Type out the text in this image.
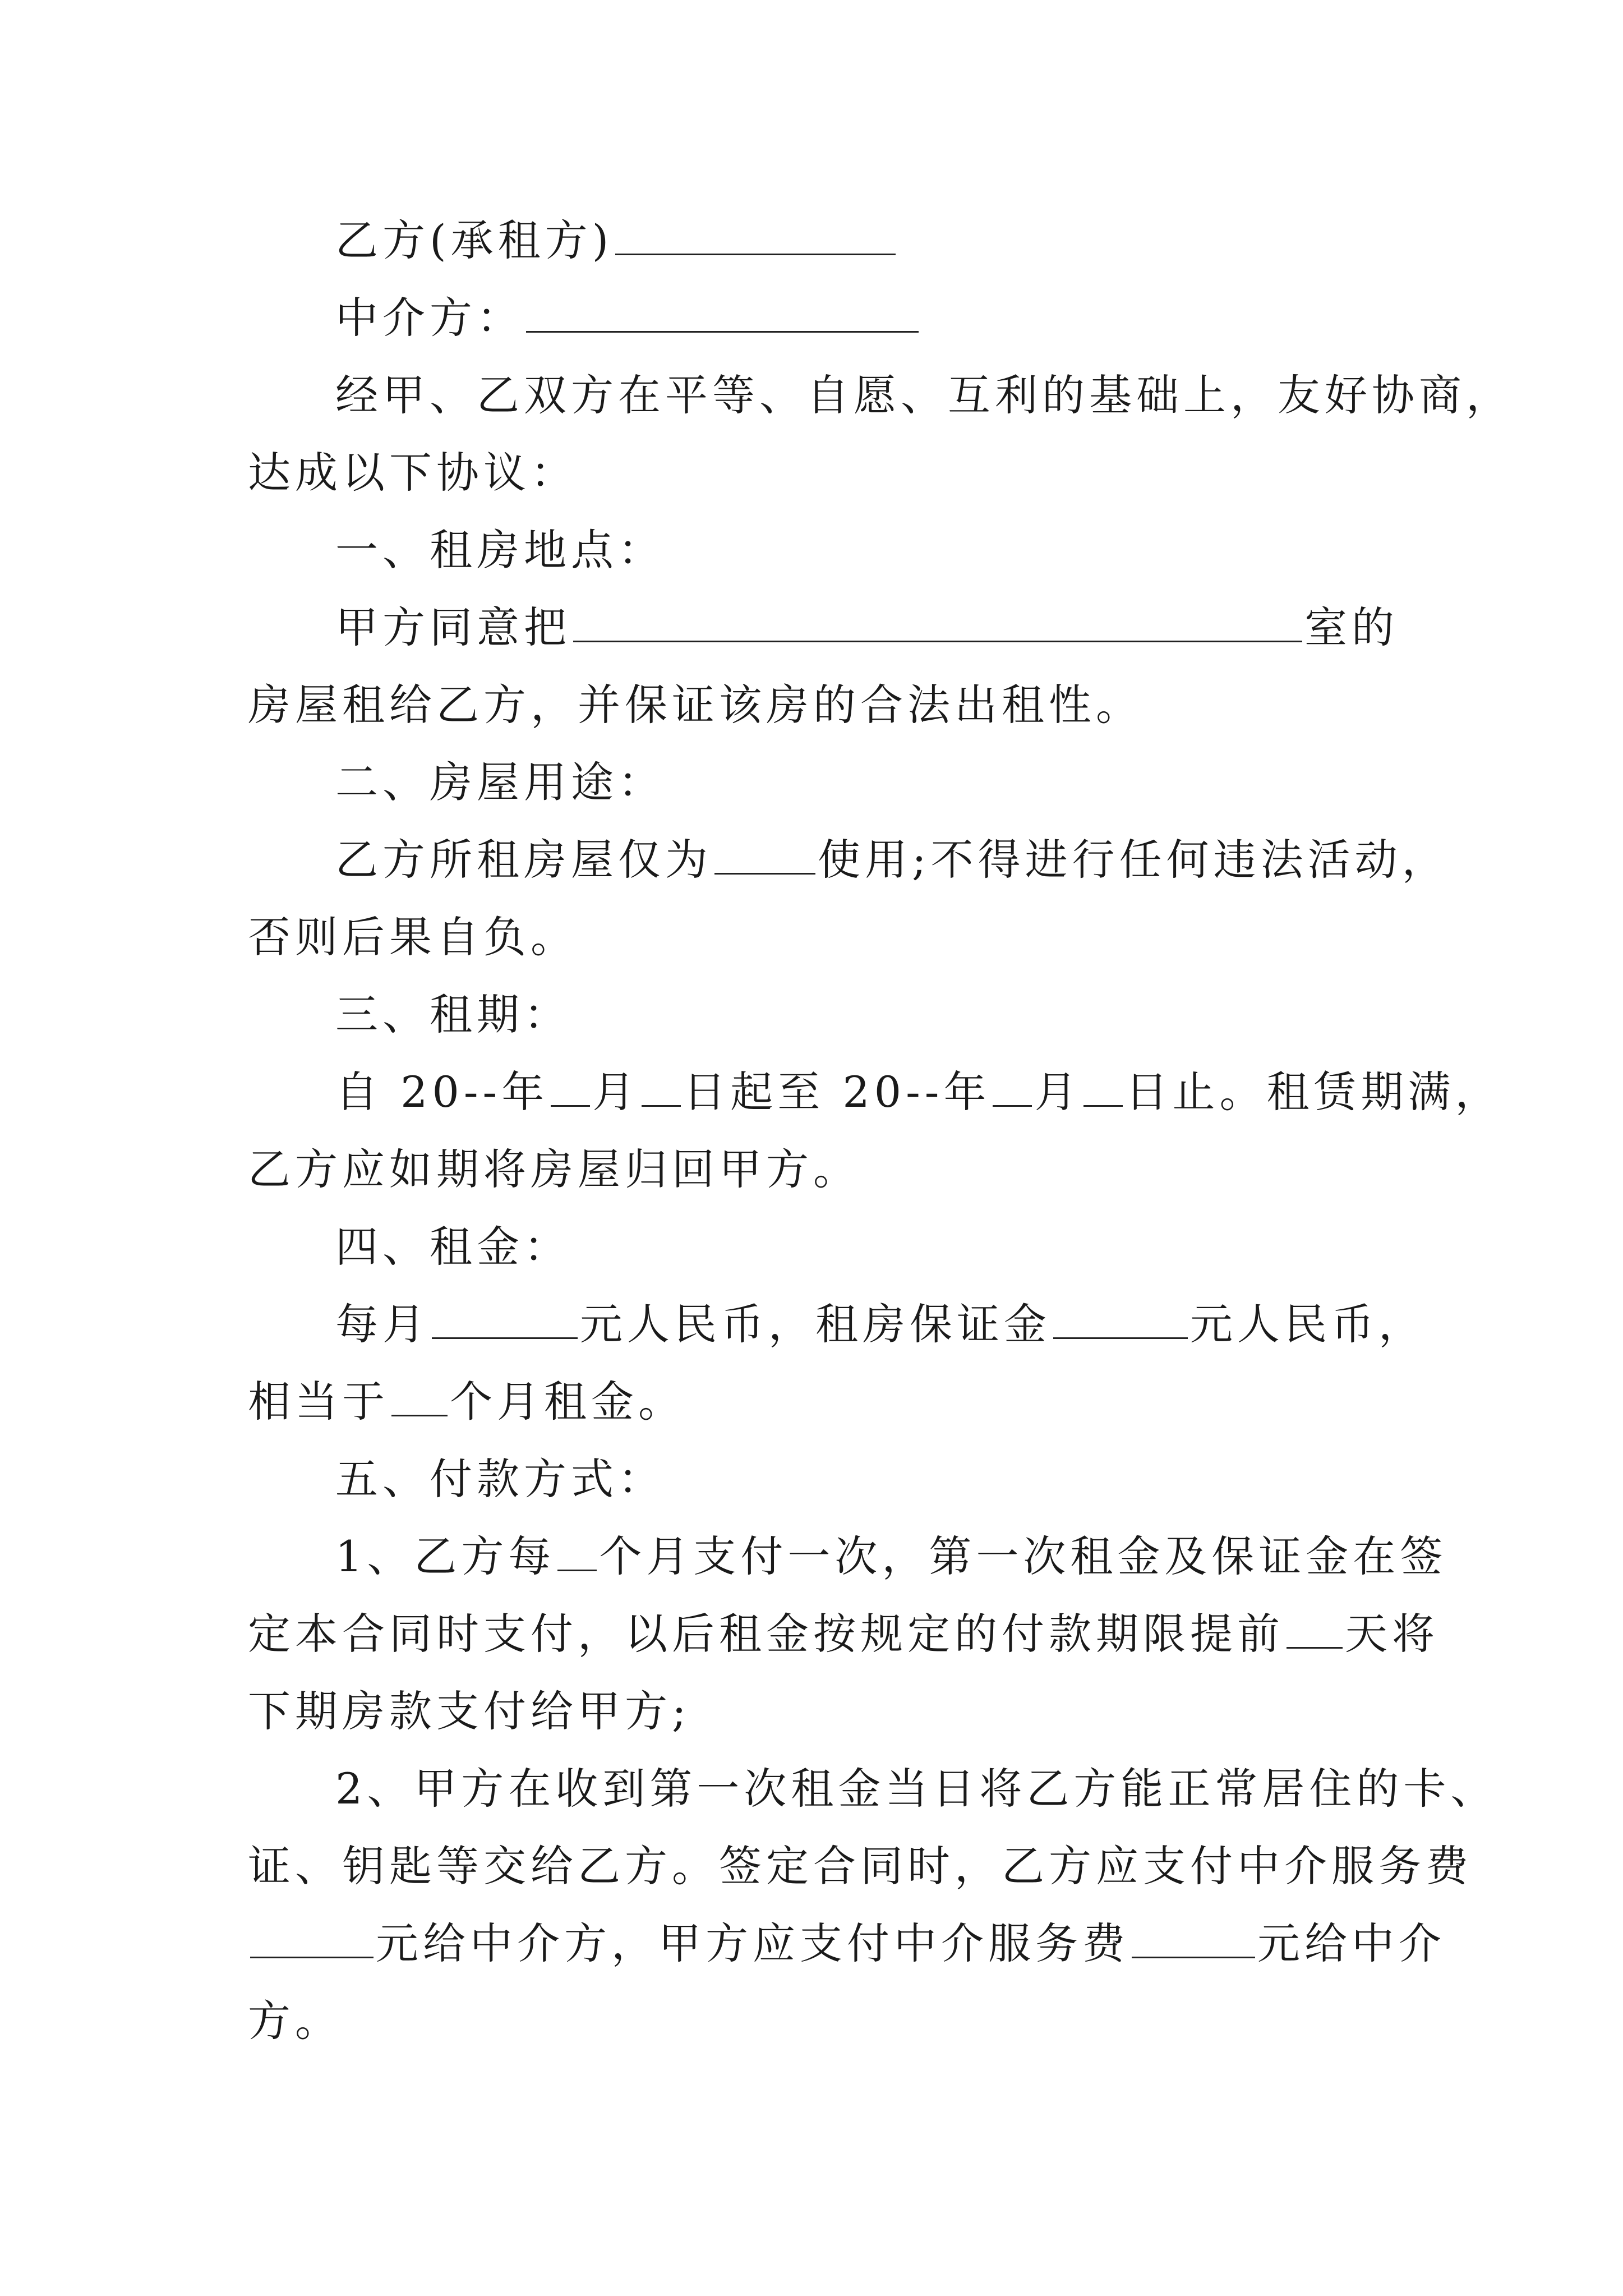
乙方(承租方)
中介方：
经甲、乙双方在平等、自愿、互利的基础上，友好协商，
达成以下协议：
一、租房地点：
甲方同意把	室的
房屋租给乙方，并保证该房的合法出租性。
二、房屋用途：
乙方所租房屋仅为 使用;不得进行任何违法活动，
否则后果自负。
三、租期：
自 20--年 月 日起至 20--年 月 日止。租赁期满，
乙方应如期将房屋归回甲方。
四、租金：
每月	元人民币，租房保证金	元人民币，
相当于 个月租金。
五、付款方式：
1、乙方每 个月支付一次，第一次租金及保证金在签
定本合同时支付，以后租金按规定的付款期限提前 天将
下期房款支付给甲方;
2、甲方在收到第一次租金当日将乙方能正常居住的卡、
证、钥匙等交给乙方。签定合同时，乙方应支付中介服务费
元给中介方，甲方应支付中介服务费	元给中介
方。
